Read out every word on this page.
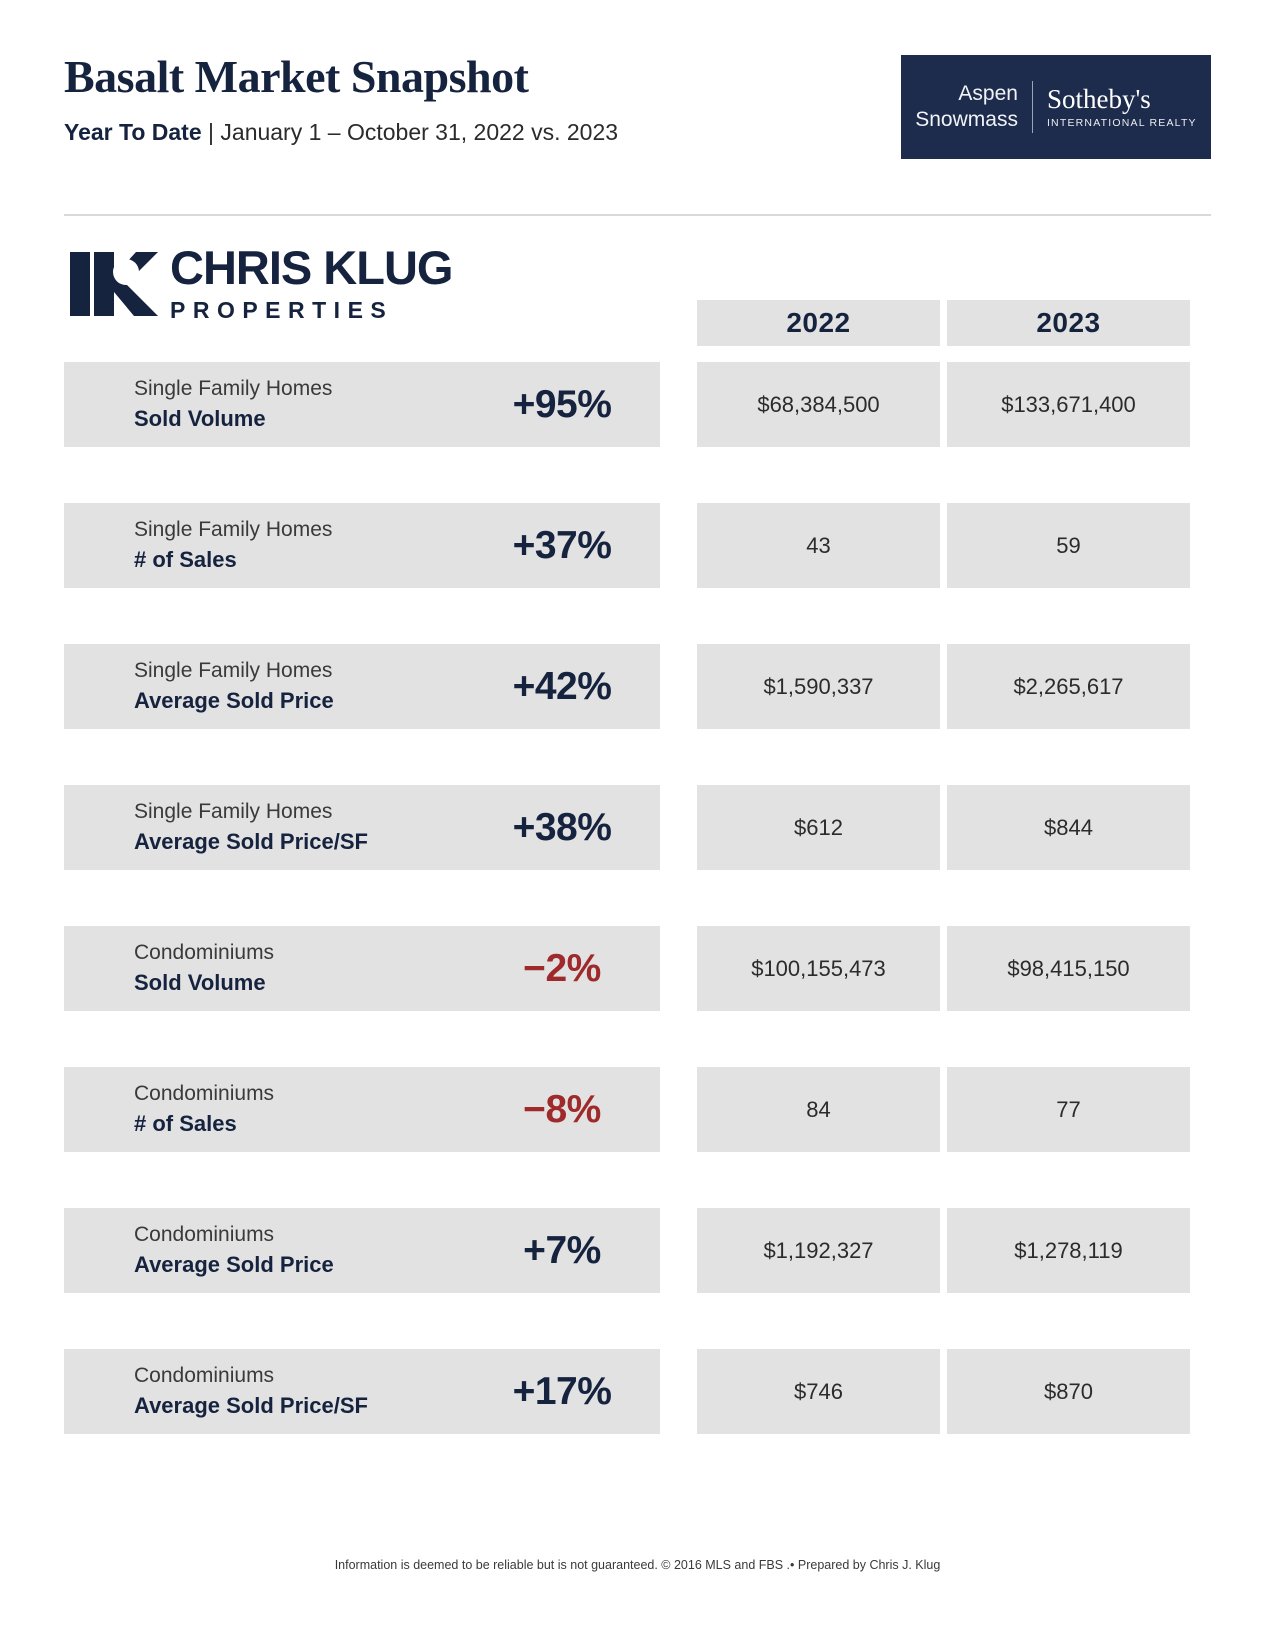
Basalt Market Snapshot
Year To Date | January 1 – October 31, 2022 vs. 2023
Aspen
Snowmass
Sotheby's
INTERNATIONAL REALTY
CHRIS KLUG
PROPERTIES	2022	2023
Single Family Homes
Sold Volume	+95%	$68,384,500	$133,671,400
Single Family Homes
# of Sales	+37%	43	59
Single Family Homes
Average Sold Price	+42%	$1,590,337	$2,265,617
Single Family Homes
Average Sold Price/SF	+38%	$612	$844
Condominiums
Sold Volume	−2%	$100,155,473	$98,415,150
Condominiums
# of Sales	−8%	84	77
Condominiums
Average Sold Price	+7%	$1,192,327	$1,278,119
Condominiums
Average Sold Price/SF	+17%	$746	$870
Information is deemed to be reliable but is not guaranteed. © 2016 MLS and FBS .• Prepared by Chris J. Klug
